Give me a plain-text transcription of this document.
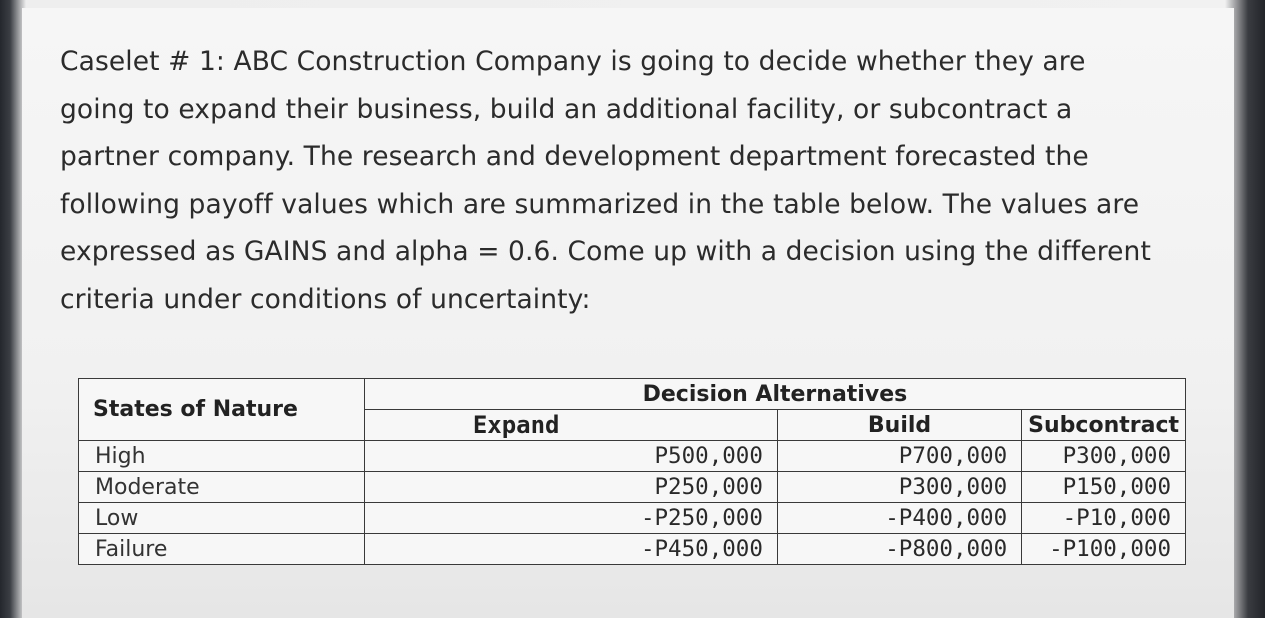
Caselet # 1: ABC Construction Company is going to decide whether they are
going to expand their business, build an additional facility, or subcontract a
partner company. The research and development department forecasted the
following payoff values which are summarized in the table below. The values are
expressed as GAINS and alpha = 0.6. Come up with a decision using the different
criteria under conditions of uncertainty:
States of Nature	Decision Alternatives		
	Expand	Build	Subcontract
High	P500,000	P700,000	P300,000
Moderate	P250,000	P300,000	P150,000
Low	-P250,000	-P400,000	-P10,000
Failure	-P450,000	-P800,000	-P100,000
